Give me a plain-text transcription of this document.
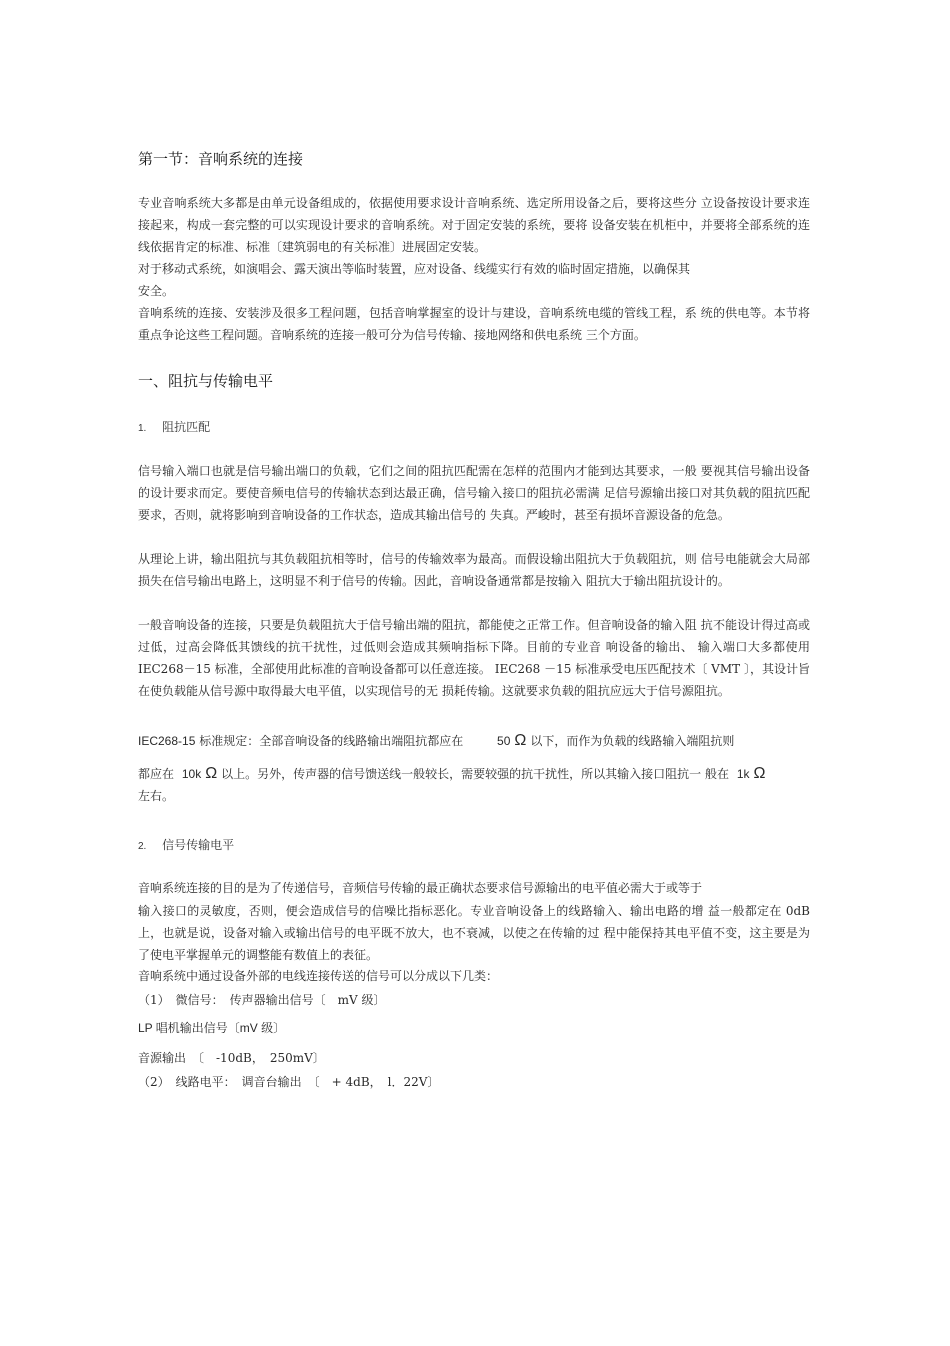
第一节：音响系统的连接
专业音响系统大多都是由单元设备组成的，依据使用要求设计音响系统、选定所用设备之后，要将这些分 立设备按设计要求连接起来，构成一套完整的可以实现设计要求的音响系统。对于固定安装的系统，要将 设备安装在机柜中，并要将全部系统的连线依据肯定的标准、标准〔建筑弱电的有关标准〕进展固定安装。
对于移动式系统，如演唱会、露天演出等临时装置，应对设备、线缆实行有效的临时固定措施，以确保其
安全。
音响系统的连接、安装涉及很多工程问题，包括音响掌握室的设计与建设，音响系统电缆的管线工程，系 统的供电等。本节将重点争论这些工程问题。音响系统的连接一般可分为信号传输、接地网络和供电系统 三个方面。
一、阻抗与传输电平
1. 阻抗匹配
信号输入端口也就是信号输出端口的负载，它们之间的阻抗匹配需在怎样的范围内才能到达其要求，一般 要视其信号输出设备的设计要求而定。要使音频电信号的传输状态到达最正确，信号输入接口的阻抗必需满 足信号源输出接口对其负载的阻抗匹配要求，否则，就将影响到音响设备的工作状态，造成其输出信号的 失真。严峻时，甚至有损坏音源设备的危急。
从理论上讲，输出阻抗与其负载阻抗相等时，信号的传输效率为最高。而假设输出阻抗大于负载阻抗，则 信号电能就会大局部损失在信号输出电路上，这明显不利于信号的传输。因此，音响设备通常都是按输入 阻抗大于输出阻抗设计的。
一般音响设备的连接，只要是负载阻抗大于信号输出端的阻抗，都能使之正常工作。但音响设备的输入阻 抗不能设计得过高或过低，过高会降低其馈线的抗干扰性，过低则会造成其频响指标下降。目前的专业音 响设备的输出、 输入端口大多都使用 IEC268－15 标准，全部使用此标准的音响设备都可以任意连接。 IEC268 －15 标准承受电压匹配技术〔 VMT 〕，其设计旨在使负载能从信号源中取得最大电平值，以实现信号的无 损耗传输。这就要求负载的阻抗应远大于信号源阻抗。
IEC268-15 标准规定：全部音响设备的线路输出端阻抗都应在	50 Ω 以下，而作为负载的线路输入端阻抗则
都应在 10k Ω 以上。另外，传声器的信号馈送线一般较长，需要较强的抗干扰性，所以其输入接口阻抗一 般在 1k Ω
左右。
2. 信号传输电平
音响系统连接的目的是为了传递信号，音频信号传输的最正确状态要求信号源输出的电平值必需大于或等于
输入接口的灵敏度，否则，便会造成信号的信噪比指标恶化。专业音响设备上的线路输入、输出电路的增 益一般都定在 0dB 上，也就是说，设备对输入或输出信号的电平既不放大，也不衰减，以使之在传输的过 程中能保持其电平值不变，这主要是为了使电平掌握单元的调整能有数值上的表征。
音响系统中通过设备外部的电线连接传送的信号可以分成以下几类：
（1）　微信号：　传声器输出信号〔　mV 级〕
LP 唱机输出信号〔mV 级〕
音源输出　〔　-10dB，　250mV〕
（2）　线路电平：　调音台输出　〔　+ 4dB，　l．22V〕
